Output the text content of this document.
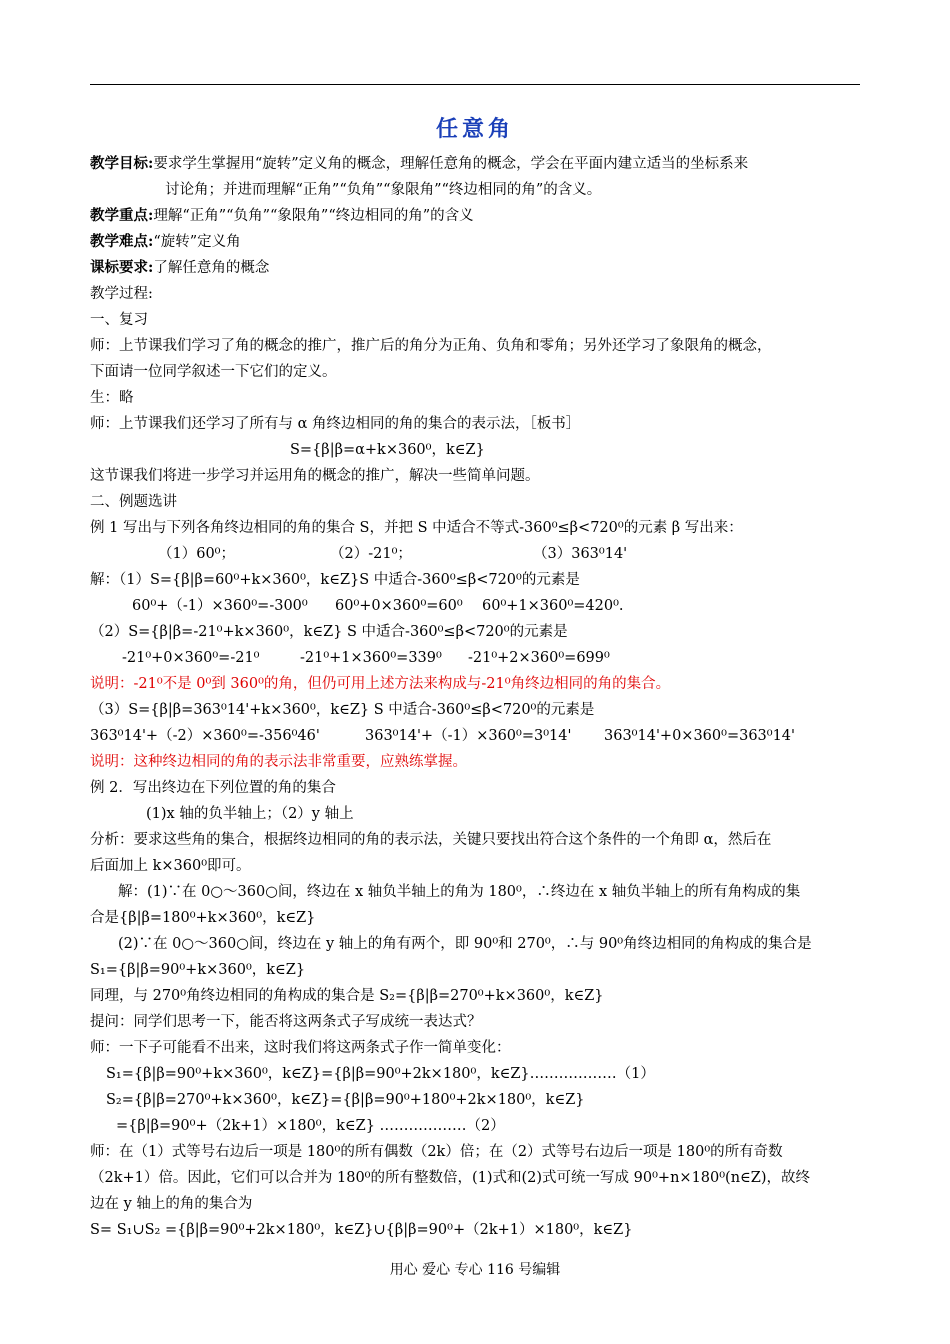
任意角
教学目标:要求学生掌握用“旋转”定义角的概念，理解任意角的概念，学会在平面内建立适当的坐标系来
讨论角；并进而理解“正角”“负角”“象限角”“终边相同的角”的含义。
教学重点:理解“正角”“负角”“象限角”“终边相同的角”的含义
教学难点:“旋转”定义角
课标要求:了解任意角的概念
教学过程:
一、复习
师：上节课我们学习了角的概念的推广，推广后的角分为正角、负角和零角；另外还学习了象限角的概念，
下面请一位同学叙述一下它们的定义。
生：略
师：上节课我们还学习了所有与 α 角终边相同的角的集合的表示法，［板书］
S={β|β=α+k×360⁰，k∈Z}
这节课我们将进一步学习并运用角的概念的推广，解决一些简单问题。
二、例题选讲
例 1 写出与下列各角终边相同的角的集合 S，并把 S 中适合不等式-360⁰≤β<720⁰的元素 β 写出来：
（1）60⁰；	（2）-21⁰；	（3）363⁰14'
解：（1）S={β|β=60⁰+k×360⁰，k∈Z}S 中适合-360⁰≤β<720⁰的元素是
60⁰+（-1）×360⁰=-300⁰ 60⁰+0×360⁰=60⁰ 60⁰+1×360⁰=420⁰.
（2）S={β|β=-21⁰+k×360⁰，k∈Z} S 中适合-360⁰≤β<720⁰的元素是
-21⁰+0×360⁰=-21⁰	-21⁰+1×360⁰=339⁰ -21⁰+2×360⁰=699⁰
说明：-21⁰不是 0⁰到 360⁰的角，但仍可用上述方法来构成与-21⁰角终边相同的角的集合。
（3）S={β|β=363⁰14'+k×360⁰，k∈Z} S 中适合-360⁰≤β<720⁰的元素是
363⁰14'+（-2）×360⁰=-356⁰46'	363⁰14'+（-1）×360⁰=3⁰14' 363⁰14'+0×360⁰=363⁰14'
说明：这种终边相同的角的表示法非常重要，应熟练掌握。
例 2．写出终边在下列位置的角的集合
(1)x 轴的负半轴上；（2）y 轴上
分析：要求这些角的集合，根据终边相同的角的表示法，关键只要找出符合这个条件的一个角即 α，然后在
后面加上 k×360⁰即可。
解：(1)∵在 0○～360○间，终边在 x 轴负半轴上的角为 180⁰，∴终边在 x 轴负半轴上的所有角构成的集
合是{β|β=180⁰+k×360⁰，k∈Z}
(2)∵在 0○～360○间，终边在 y 轴上的角有两个，即 90⁰和 270⁰，∴与 90⁰角终边相同的角构成的集合是
S₁={β|β=90⁰+k×360⁰，k∈Z}
同理，与 270⁰角终边相同的角构成的集合是 S₂={β|β=270⁰+k×360⁰，k∈Z}
提问：同学们思考一下，能否将这两条式子写成统一表达式？
师：一下子可能看不出来，这时我们将这两条式子作一简单变化：
S₁={β|β=90⁰+k×360⁰，k∈Z}={β|β=90⁰+2k×180⁰，k∈Z}………………（1）
S₂={β|β=270⁰+k×360⁰，k∈Z}={β|β=90⁰+180⁰+2k×180⁰，k∈Z}
={β|β=90⁰+（2k+1）×180⁰，k∈Z} ………………（2）
师：在（1）式等号右边后一项是 180⁰的所有偶数（2k）倍；在（2）式等号右边后一项是 180⁰的所有奇数
（2k+1）倍。因此，它们可以合并为 180⁰的所有整数倍，(1)式和(2)式可统一写成 90⁰+n×180⁰(n∈Z)，故终
边在 y 轴上的角的集合为
S= S₁∪S₂ ={β|β=90⁰+2k×180⁰，k∈Z}∪{β|β=90⁰+（2k+1）×180⁰，k∈Z}
用心 爱心 专心 116 号编辑
